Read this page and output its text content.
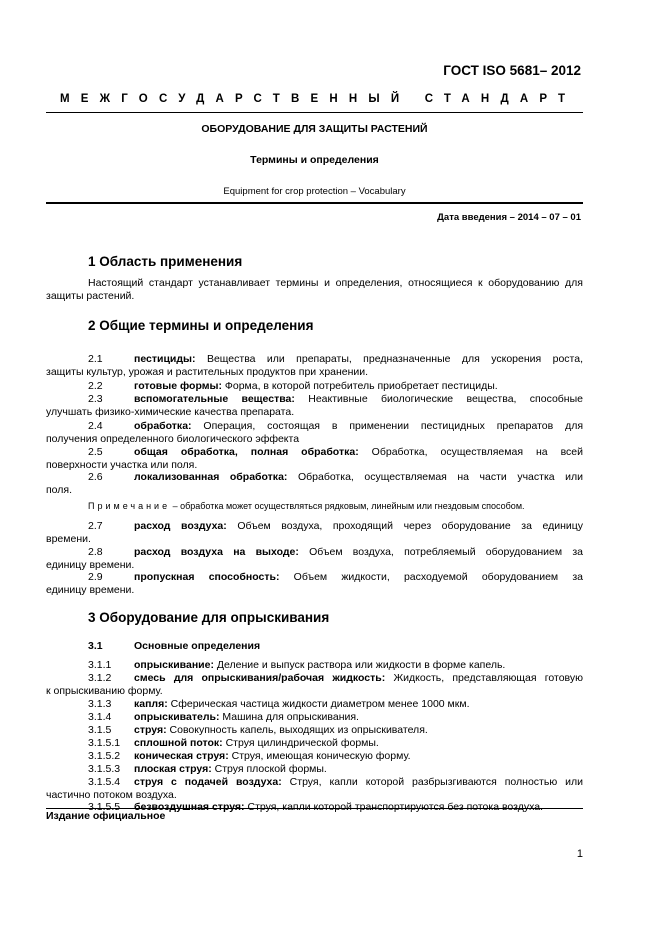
ГОСТ ISO 5681– 2012
МЕЖГОСУДАРСТВЕННЫЙ СТАНДАРТ
ОБОРУДОВАНИЕ ДЛЯ ЗАЩИТЫ РАСТЕНИЙ
Термины и определения
Equipment for crop protection – Vocabulary
Дата введения – 2014 – 07 – 01
1 Область применения
Настоящий стандарт устанавливает термины и определения, относящиеся к оборудованию для защиты растений.
2 Общие термины и определения
2.1	пестициды: Вещества или препараты, предназначенные для ускорения роста,
защиты культур, урожая и растительных продуктов при хранении.
2.2	готовые формы: Форма, в которой потребитель приобретает пестициды.
2.3	вспомогательные вещества: Неактивные биологические вещества, способные
улучшать физико-химические качества препарата.
2.4	обработка: Операция, состоящая в применении пестицидных препаратов для
получения определенного биологического эффекта
2.5	общая обработка, полная обработка: Обработка, осуществляемая на всей
поверхности участка или поля.
2.6	локализованная обработка: Обработка, осуществляемая на части участка или
поля.
Примечание – обработка может осуществляться рядковым, линейным или гнездовым способом.
2.7	расход воздуха: Объем воздуха, проходящий через оборудование за единицу
времени.
2.8	расход воздуха на выходе: Объем воздуха, потребляемый оборудованием за
единицу времени.
2.9	пропускная способность: Объем жидкости, расходуемой оборудованием за
единицу времени.
3 Оборудование для опрыскивания
3.1	Основные определения
3.1.1	опрыскивание: Деление и выпуск раствора или жидкости в форме капель.
3.1.2	смесь для опрыскивания/рабочая жидкость: Жидкость, представляющая готовую
к опрыскиванию форму.
3.1.3	капля: Сферическая частица жидкости диаметром менее 1000 мкм.
3.1.4	опрыскиватель: Машина для опрыскивания.
3.1.5	струя: Совокупность капель, выходящих из опрыскивателя.
3.1.5.1	сплошной поток: Струя цилиндрической формы.
3.1.5.2	коническая струя: Струя, имеющая коническую форму.
3.1.5.3	плоская струя: Струя плоской формы.
3.1.5.4	струя с подачей воздуха: Струя, капли которой разбрызгиваются полностью или
частично потоком воздуха.
3.1.5.5	безвоздушная струя: Струя, капли которой транспортируются без потока воздуха.
Издание официальное
1
